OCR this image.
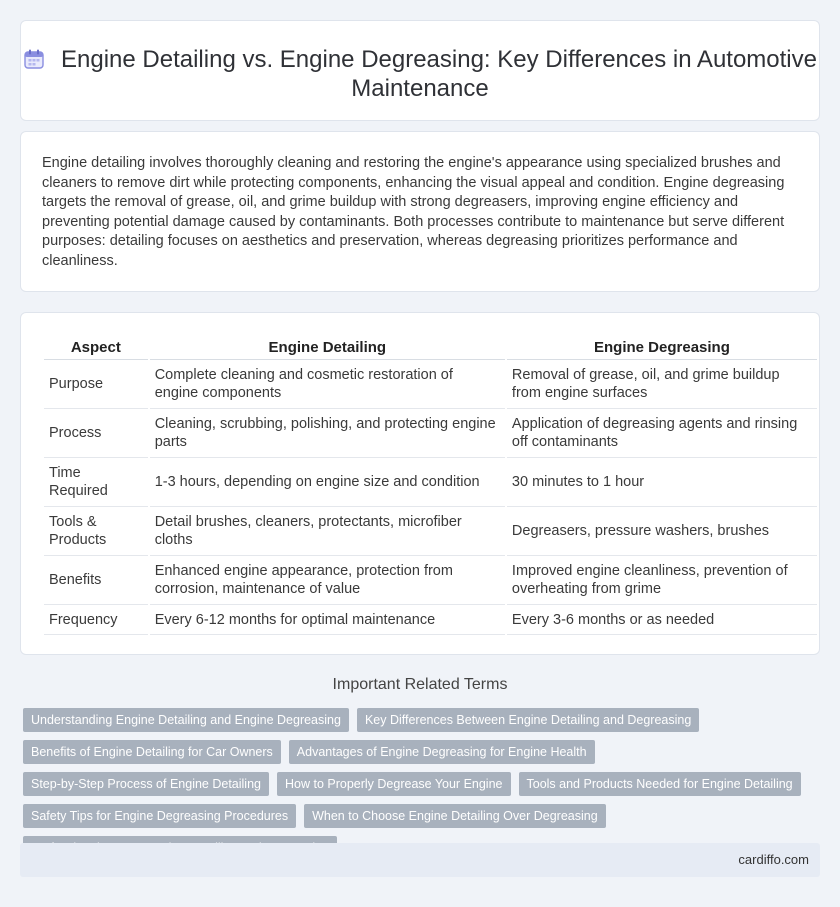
Engine Detailing vs. Engine Degreasing: Key Differences in Automotive Maintenance

Engine detailing involves thoroughly cleaning and restoring the engine's appearance using specialized brushes and cleaners to remove dirt while protecting components, enhancing the visual appeal and condition. Engine degreasing targets the removal of grease, oil, and grime buildup with strong degreasers, improving engine efficiency and preventing potential damage caused by contaminants. Both processes contribute to maintenance but serve different purposes: detailing focuses on aesthetics and preservation, whereas degreasing prioritizes performance and cleanliness.

Aspect	Engine Detailing	Engine Degreasing
Purpose	Complete cleaning and cosmetic restoration of engine components	Removal of grease, oil, and grime buildup from engine surfaces
Process	Cleaning, scrubbing, polishing, and protecting engine parts	Application of degreasing agents and rinsing off contaminants
Time Required	1-3 hours, depending on engine size and condition	30 minutes to 1 hour
Tools & Products	Detail brushes, cleaners, protectants, microfiber cloths	Degreasers, pressure washers, brushes
Benefits	Enhanced engine appearance, protection from corrosion, maintenance of value	Improved engine cleanliness, prevention of overheating from grime
Frequency	Every 6-12 months for optimal maintenance	Every 3-6 months or as needed
Important Related Terms
Understanding Engine Detailing and Engine Degreasing	Key Differences Between Engine Detailing and Degreasing
Benefits of Engine Detailing for Car Owners	Advantages of Engine Degreasing for Engine Health
Step-by-Step Process of Engine Detailing	How to Properly Degrease Your Engine	Tools and Products Needed for Engine Detailing
Safety Tips for Engine Degreasing Procedures	When to Choose Engine Detailing Over Degreasing
cardiffo.com
